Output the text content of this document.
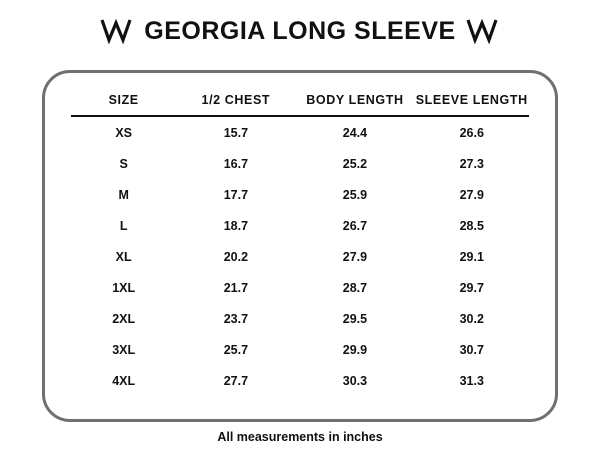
GEORGIA LONG SLEEVE
SIZE	1/2 CHEST	BODY LENGTH	SLEEVE LENGTH
XS	15.7	24.4	26.6
S	16.7	25.2	27.3
M	17.7	25.9	27.9
L	18.7	26.7	28.5
XL	20.2	27.9	29.1
1XL	21.7	28.7	29.7
2XL	23.7	29.5	30.2
3XL	25.7	29.9	30.7
4XL	27.7	30.3	31.3
All measurements in inches
